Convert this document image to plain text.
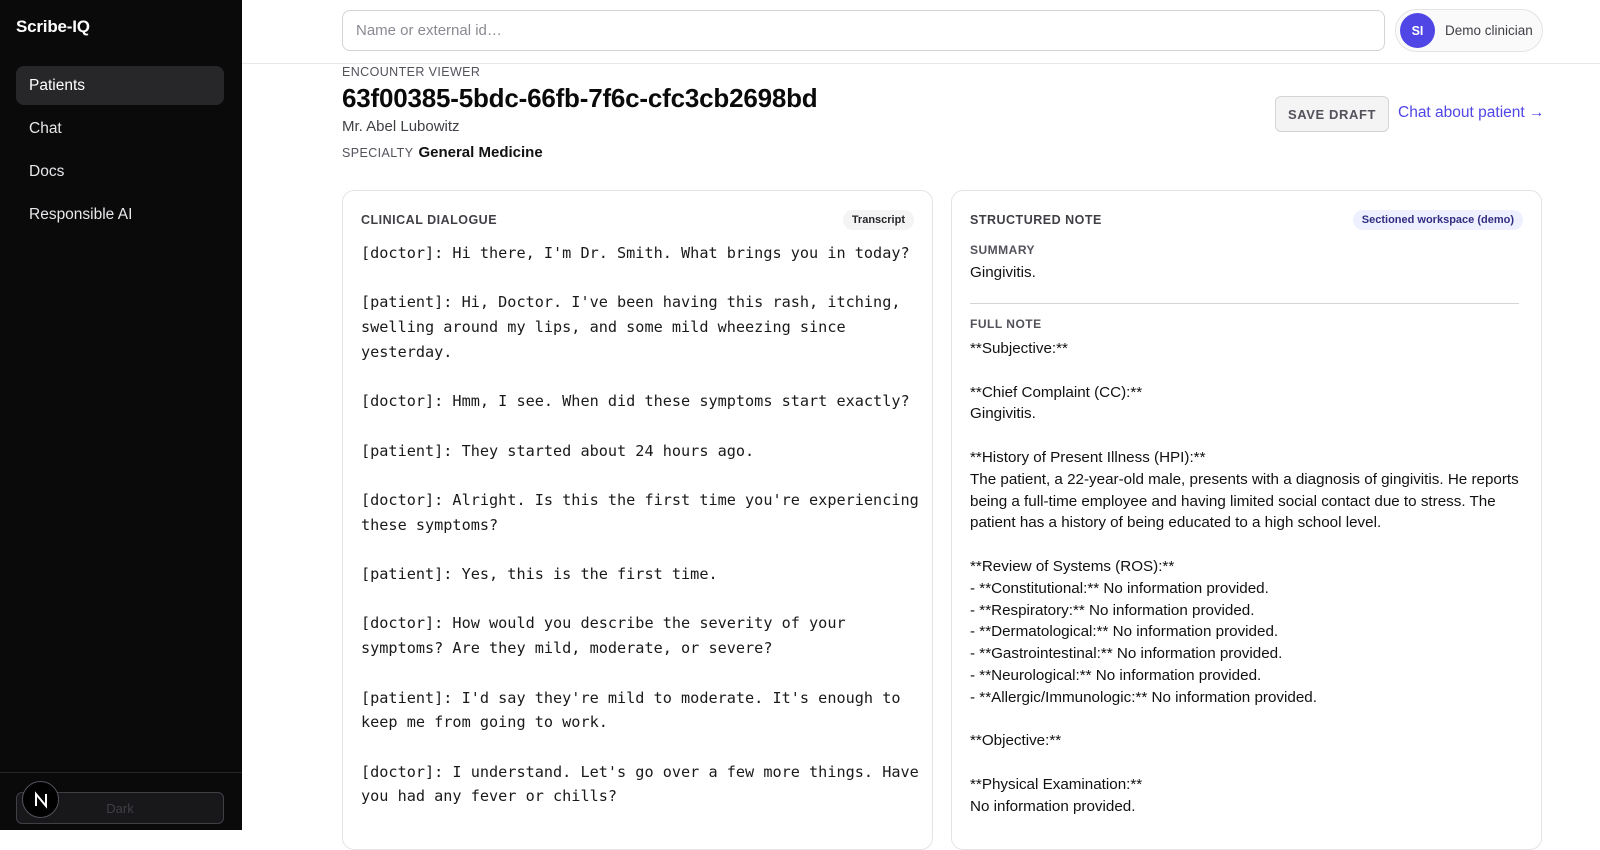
Scribe-IQ
Patients
Chat
Docs
Responsible AI
Dark
Name or external id…
SI	Demo clinician
ENCOUNTER VIEWER
63f00385-5bdc-66fb-7f6c-cfc3cb2698bd
Mr. Abel Lubowitz
SPECIALTY General Medicine
SAVE DRAFT	Chat about patient →
CLINICAL DIALOGUE	Transcript

[doctor]: Hi there, I'm Dr. Smith. What brings you in today?

[patient]: Hi, Doctor. I've been having this rash, itching, swelling around my lips, and some mild wheezing since yesterday.

[doctor]: Hmm, I see. When did these symptoms start exactly?

[patient]: They started about 24 hours ago.

[doctor]: Alright. Is this the first time you're experiencing these symptoms?

[patient]: Yes, this is the first time.

[doctor]: How would you describe the severity of your symptoms? Are they mild, moderate, or severe?

[patient]: I'd say they're mild to moderate. It's enough to keep me from going to work.

[doctor]: I understand. Let's go over a few more things. Have you had any fever or chills?

STRUCTURED NOTE	Sectioned workspace (demo)
SUMMARY
Gingivitis.
FULL NOTE

**Subjective:**

**Chief Complaint (CC):**
Gingivitis.

**History of Present Illness (HPI):**
The patient, a 22-year-old male, presents with a diagnosis of gingivitis. He reports being a full-time employee and having limited social contact due to stress. The patient has a history of being educated to a high school level.

**Review of Systems (ROS):**
- **Constitutional:** No information provided.
- **Respiratory:** No information provided.
- **Dermatological:** No information provided.
- **Gastrointestinal:** No information provided.
- **Neurological:** No information provided.
- **Allergic/Immunologic:** No information provided.

**Objective:**

**Physical Examination:**
No information provided.
